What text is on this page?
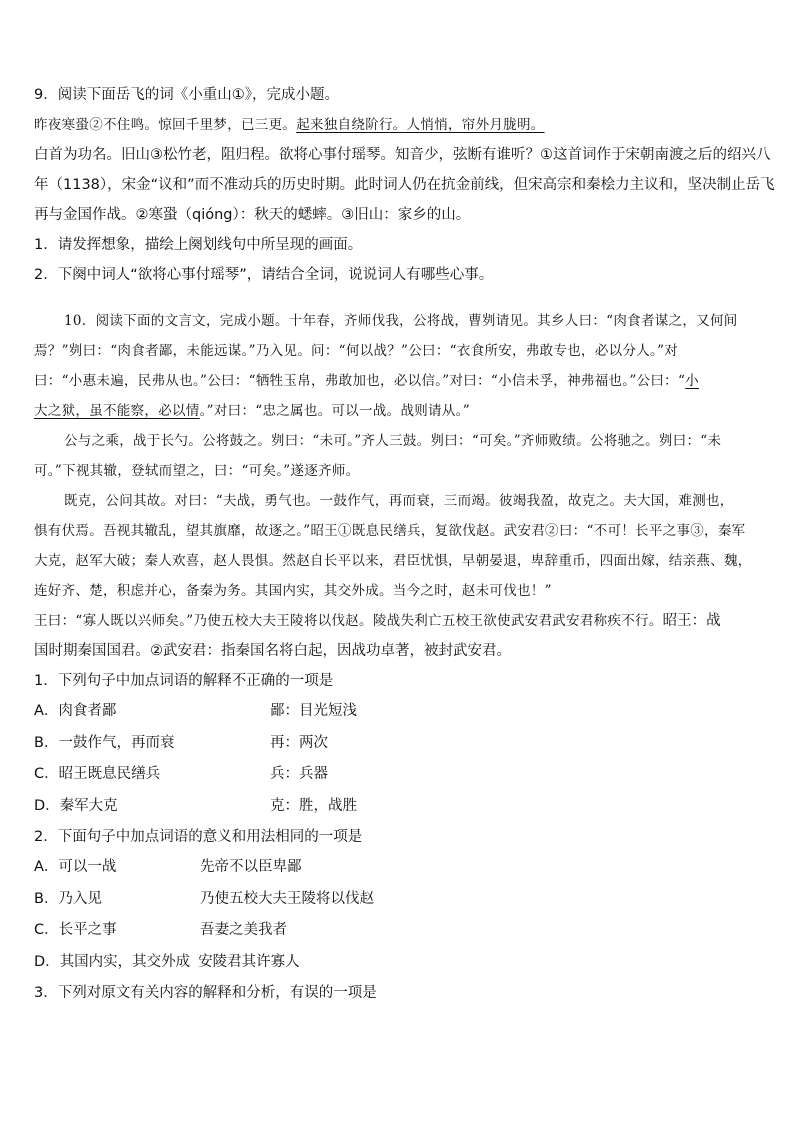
9．阅读下面岳飞的词《小重山①》，完成小题。
昨夜寒蛩②不住鸣。惊回千里梦，已三更。起来独自绕阶行。人悄悄，帘外月胧明。
白首为功名。旧山③松竹老，阻归程。欲将心事付瑶琴。知音少，弦断有谁听？①这首词作于宋朝南渡之后的绍兴八
年（1138），宋金“议和”而不准动兵的历史时期。此时词人仍在抗金前线，但宋高宗和秦桧力主议和，坚决制止岳飞
再与金国作战。②寒蛩（qióng）：秋天的蟋蟀。③旧山：家乡的山。
1．请发挥想象，描绘上阕划线句中所呈现的画面。
2．下阕中词人“欲将心事付瑶琴”，请结合全词，说说词人有哪些心事。
10．阅读下面的文言文，完成小题。十年春，齐师伐我，公将战，曹刿请见。其乡人曰：“肉食者谋之，又何间
焉？”刿曰：“肉食者鄙，未能远谋。”乃入见。问：“何以战？”公曰：“衣食所安，弗敢专也，必以分人。”对
曰：“小惠未遍，民弗从也。”公曰：“牺牲玉帛，弗敢加也，必以信。”对曰：“小信未孚，神弗福也。”公曰：“小
大之狱，虽不能察，必以情。”对曰：“忠之属也。可以一战。战则请从。”
公与之乘，战于长勺。公将鼓之。刿曰：“未可。”齐人三鼓。刿曰：“可矣。”齐师败绩。公将驰之。刿曰：“未
可。”下视其辙，登轼而望之，曰：“可矣。”遂逐齐师。
既克，公问其故。对曰：“夫战，勇气也。一鼓作气，再而衰，三而竭。彼竭我盈，故克之。夫大国，难测也，
惧有伏焉。吾视其辙乱，望其旗靡，故逐之。”昭王①既息民缮兵，复欲伐赵。武安君②曰：“不可！长平之事③，秦军
大克，赵军大破；秦人欢喜，赵人畏惧。然赵自长平以来，君臣忧惧，早朝晏退，卑辞重币，四面出嫁，结亲燕、魏，
连好齐、楚，积虑并心，备秦为务。其国内实，其交外成。当今之时，赵未可伐也！”
王曰：“寡人既以兴师矣。”乃使五校大夫王陵将以伐赵。陵战失利亡五校王欲使武安君武安君称疾不行。昭王：战
国时期秦国国君。②武安君：指秦国名将白起，因战功卓著，被封武安君。
1．下列句子中加点词语的解释不正确的一项是
A．肉食者鄙	鄙：目光短浅
B．一鼓作气，再而衰	再：两次
C．昭王既息民缮兵	兵：兵器
D．秦军大克	克：胜，战胜
2．下面句子中加点词语的意义和用法相同的一项是
A．可以一战	先帝不以臣卑鄙
B．乃入见	乃使五校大夫王陵将以伐赵
C．长平之事	吾妻之美我者
D．其国内实，其交外成 安陵君其许寡人
3．下列对原文有关内容的解释和分析，有误的一项是
